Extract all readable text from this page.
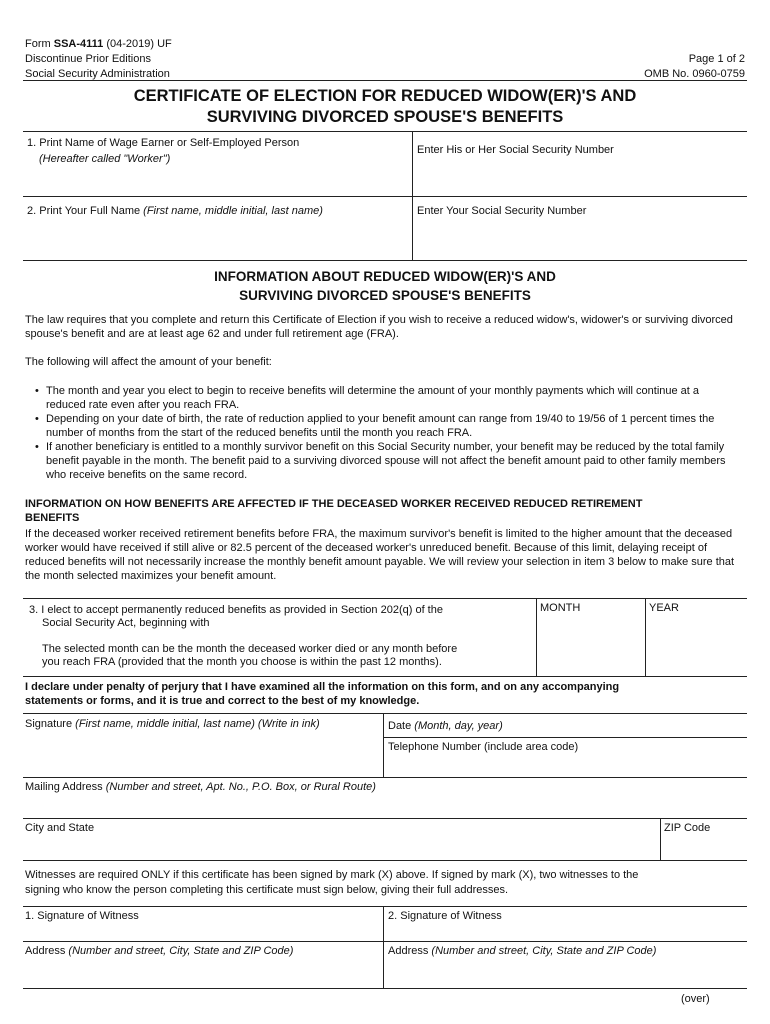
Form SSA-4111 (04-2019) UF
Discontinue Prior Editions
Social Security Administration
Page 1 of 2
OMB No. 0960-0759
CERTIFICATE OF ELECTION FOR REDUCED WIDOW(ER)'S AND
SURVIVING DIVORCED SPOUSE'S BENEFITS
1. Print Name of Wage Earner or Self-Employed Person
(Hereafter called "Worker")
Enter His or Her Social Security Number
2. Print Your Full Name (First name, middle initial, last name)	Enter Your Social Security Number
INFORMATION ABOUT REDUCED WIDOW(ER)'S AND
SURVIVING DIVORCED SPOUSE'S BENEFITS
The law requires that you complete and return this Certificate of Election if you wish to receive a reduced widow's, widower's or surviving divorced spouse's benefit and are at least age 62 and under full retirement age (FRA).
The following will affect the amount of your benefit:
• The month and year you elect to begin to receive benefits will determine the amount of your monthly payments which will continue at a reduced rate even after you reach FRA.
• Depending on your date of birth, the rate of reduction applied to your benefit amount can range from 19/40 to 19/56 of 1 percent times the number of months from the start of the reduced benefits until the month you reach FRA.
• If another beneficiary is entitled to a monthly survivor benefit on this Social Security number, your benefit may be reduced by the total family benefit payable in the month. The benefit paid to a surviving divorced spouse will not affect the benefit amount paid to other family members who receive benefits on the same record.
INFORMATION ON HOW BENEFITS ARE AFFECTED IF THE DECEASED WORKER RECEIVED REDUCED RETIREMENT BENEFITS
If the deceased worker received retirement benefits before FRA, the maximum survivor's benefit is limited to the higher amount that the deceased worker would have received if still alive or 82.5 percent of the deceased worker's unreduced benefit. Because of this limit, delaying receipt of reduced benefits will not necessarily increase the monthly benefit amount payable. We will review your selection in item 3 below to make sure that the month selected maximizes your benefit amount.
3. I elect to accept permanently reduced benefits as provided in Section 202(q) of the
Social Security Act, beginning with
The selected month can be the month the deceased worker died or any month before
you reach FRA (provided that the month you choose is within the past 12 months).
MONTH	YEAR
I declare under penalty of perjury that I have examined all the information on this form, and on any accompanying
statements or forms, and it is true and correct to the best of my knowledge.
Signature (First name, middle initial, last name) (Write in ink)	Date (Month, day, year)
Telephone Number (include area code)
Mailing Address (Number and street, Apt. No., P.O. Box, or Rural Route)
City and State	ZIP Code
Witnesses are required ONLY if this certificate has been signed by mark (X) above. If signed by mark (X), two witnesses to the
signing who know the person completing this certificate must sign below, giving their full addresses.
1. Signature of Witness	2. Signature of Witness
Address (Number and street, City, State and ZIP Code)	Address (Number and street, City, State and ZIP Code)
(over)
